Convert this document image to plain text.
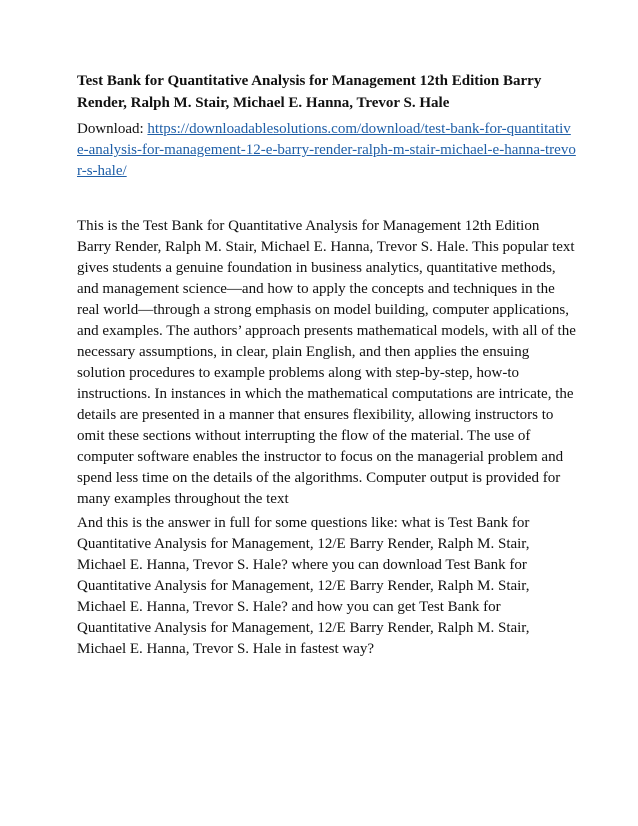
Test Bank for Quantitative Analysis for Management 12th Edition Barry Render, Ralph M. Stair, Michael E. Hanna, Trevor S. Hale

Download: https://downloadablesolutions.com/download/test-bank-for-quantitative-analysis-for-management-12-e-barry-render-ralph-m-stair-michael-e-hanna-trevor-s-hale/

This is the Test Bank for Quantitative Analysis for Management 12th Edition Barry Render, Ralph M. Stair, Michael E. Hanna, Trevor S. Hale. This popular text gives students a genuine foundation in business analytics, quantitative methods, and management science—and how to apply the concepts and techniques in the real world—through a strong emphasis on model building, computer applications, and examples. The authors’ approach presents mathematical models, with all of the necessary assumptions, in clear, plain English, and then applies the ensuing solution procedures to example problems along with step-by-step, how-to instructions. In instances in which the mathematical computations are intricate, the details are presented in a manner that ensures flexibility, allowing instructors to omit these sections without interrupting the flow of the material. The use of computer software enables the instructor to focus on the managerial problem and spend less time on the details of the algorithms. Computer output is provided for many examples throughout the text

And this is the answer in full for some questions like: what is Test Bank for Quantitative Analysis for Management, 12/E Barry Render, Ralph M. Stair, Michael E. Hanna, Trevor S. Hale? where you can download Test Bank for Quantitative Analysis for Management, 12/E Barry Render, Ralph M. Stair, Michael E. Hanna, Trevor S. Hale? and how you can get Test Bank for Quantitative Analysis for Management, 12/E Barry Render, Ralph M. Stair, Michael E. Hanna, Trevor S. Hale in fastest way?
